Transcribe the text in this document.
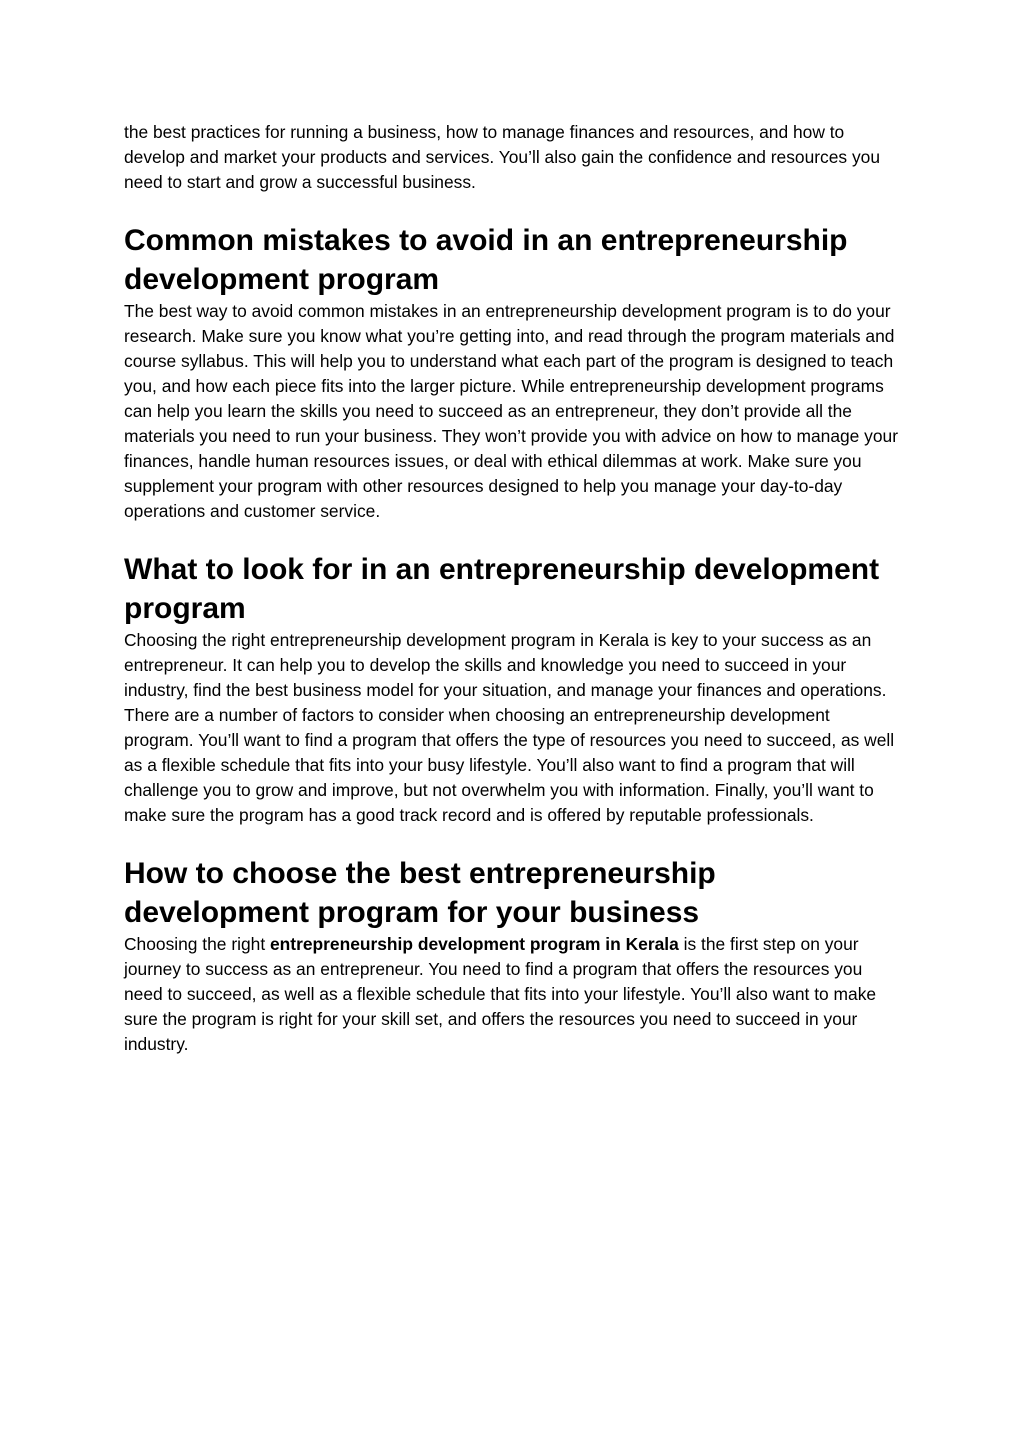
the best practices for running a business, how to manage finances and resources, and how to develop and market your products and services. You’ll also gain the confidence and resources you need to start and grow a successful business.

Common mistakes to avoid in an entrepreneurship development program

The best way to avoid common mistakes in an entrepreneurship development program is to do your research. Make sure you know what you’re getting into, and read through the program materials and course syllabus. This will help you to understand what each part of the program is designed to teach you, and how each piece fits into the larger picture. While entrepreneurship development programs can help you learn the skills you need to succeed as an entrepreneur, they don’t provide all the materials you need to run your business. They won’t provide you with advice on how to manage your finances, handle human resources issues, or deal with ethical dilemmas at work. Make sure you supplement your program with other resources designed to help you manage your day-to-day operations and customer service.

What to look for in an entrepreneurship development program

Choosing the right entrepreneurship development program in Kerala is key to your success as an entrepreneur. It can help you to develop the skills and knowledge you need to succeed in your industry, find the best business model for your situation, and manage your finances and operations. There are a number of factors to consider when choosing an entrepreneurship development program. You’ll want to find a program that offers the type of resources you need to succeed, as well as a flexible schedule that fits into your busy lifestyle. You’ll also want to find a program that will challenge you to grow and improve, but not overwhelm you with information. Finally, you’ll want to make sure the program has a good track record and is offered by reputable professionals.

How to choose the best entrepreneurship development program for your business

Choosing the right entrepreneurship development program in Kerala is the first step on your journey to success as an entrepreneur. You need to find a program that offers the resources you need to succeed, as well as a flexible schedule that fits into your lifestyle. You’ll also want to make sure the program is right for your skill set, and offers the resources you need to succeed in your industry.
